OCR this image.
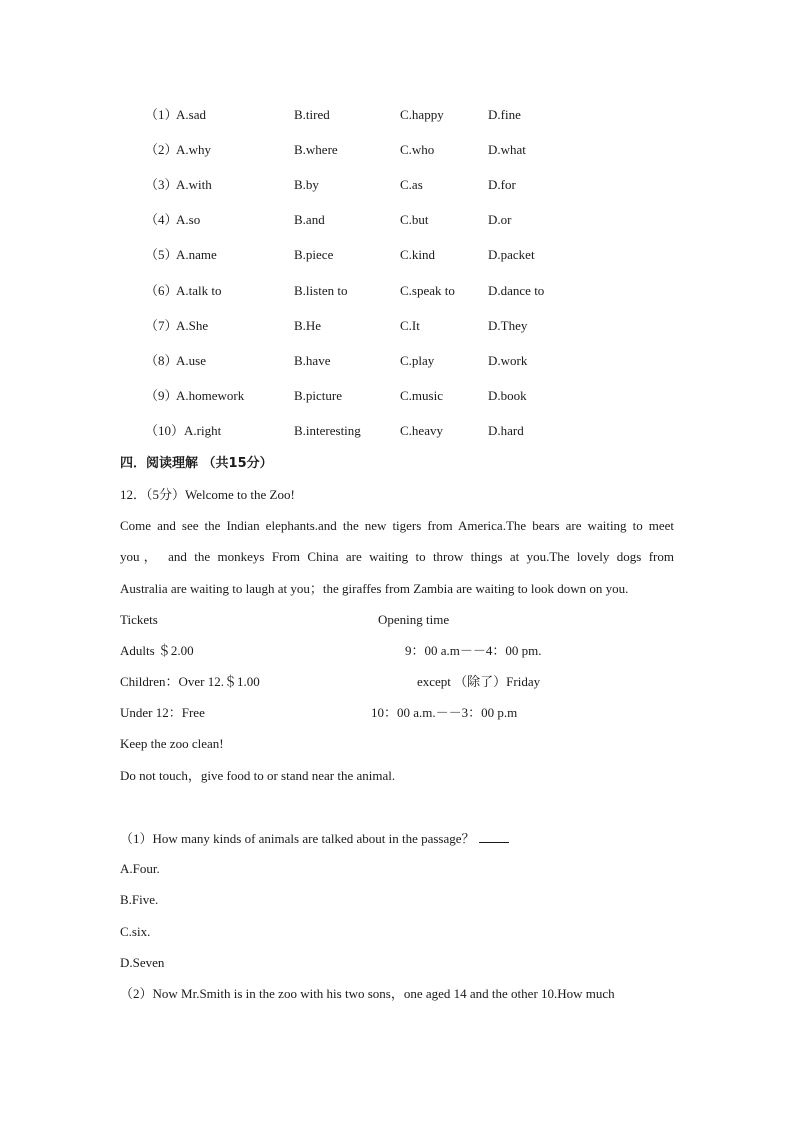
（1）
A.sad	B.tired	C.happy	D.fine
（2）
A.why	B.where	C.who	D.what
（3）
A.with	B.by	C.as	D.for
（4）
A.so	B.and	C.but	D.or
（5）
A.name	B.piece	C.kind	D.packet
（6）
A.talk to	B.listen to	C.speak to	D.dance to
（7）
A.She	B.He	C.It	D.They
（8）
A.use	B.have	C.play	D.work
（9）
A.homework	B.picture	C.music	D.book
（10） A.right	B.interesting	C.heavy	D.hard
四．阅读理解 （共15分）
12．（5分）Welcome to the Zoo!
Come and see the Indian elephants.and the new tigers from America.The bears are waiting to meet
you， and the monkeys From China are waiting to throw things at you.The lovely dogs from
Australia are waiting to laugh at you；the giraffes from Zambia are waiting to look down on you.
Tickets	Opening time
Adults ＄2.00	9：00 a.m－－4：00 pm.
Children：Over 12.＄1.00	except （除了）Friday
Under 12：Free	10：00 a.m.－－3：00 p.m
Keep the zoo clean!
Do not touch，give food to or stand near the animal.
（1）How many kinds of animals are talked about in the passage？
A.Four.
B.Five.
C.six.
D.Seven
（2）Now Mr.Smith is in the zoo with his two sons，one aged 14 and the other 10.How much
